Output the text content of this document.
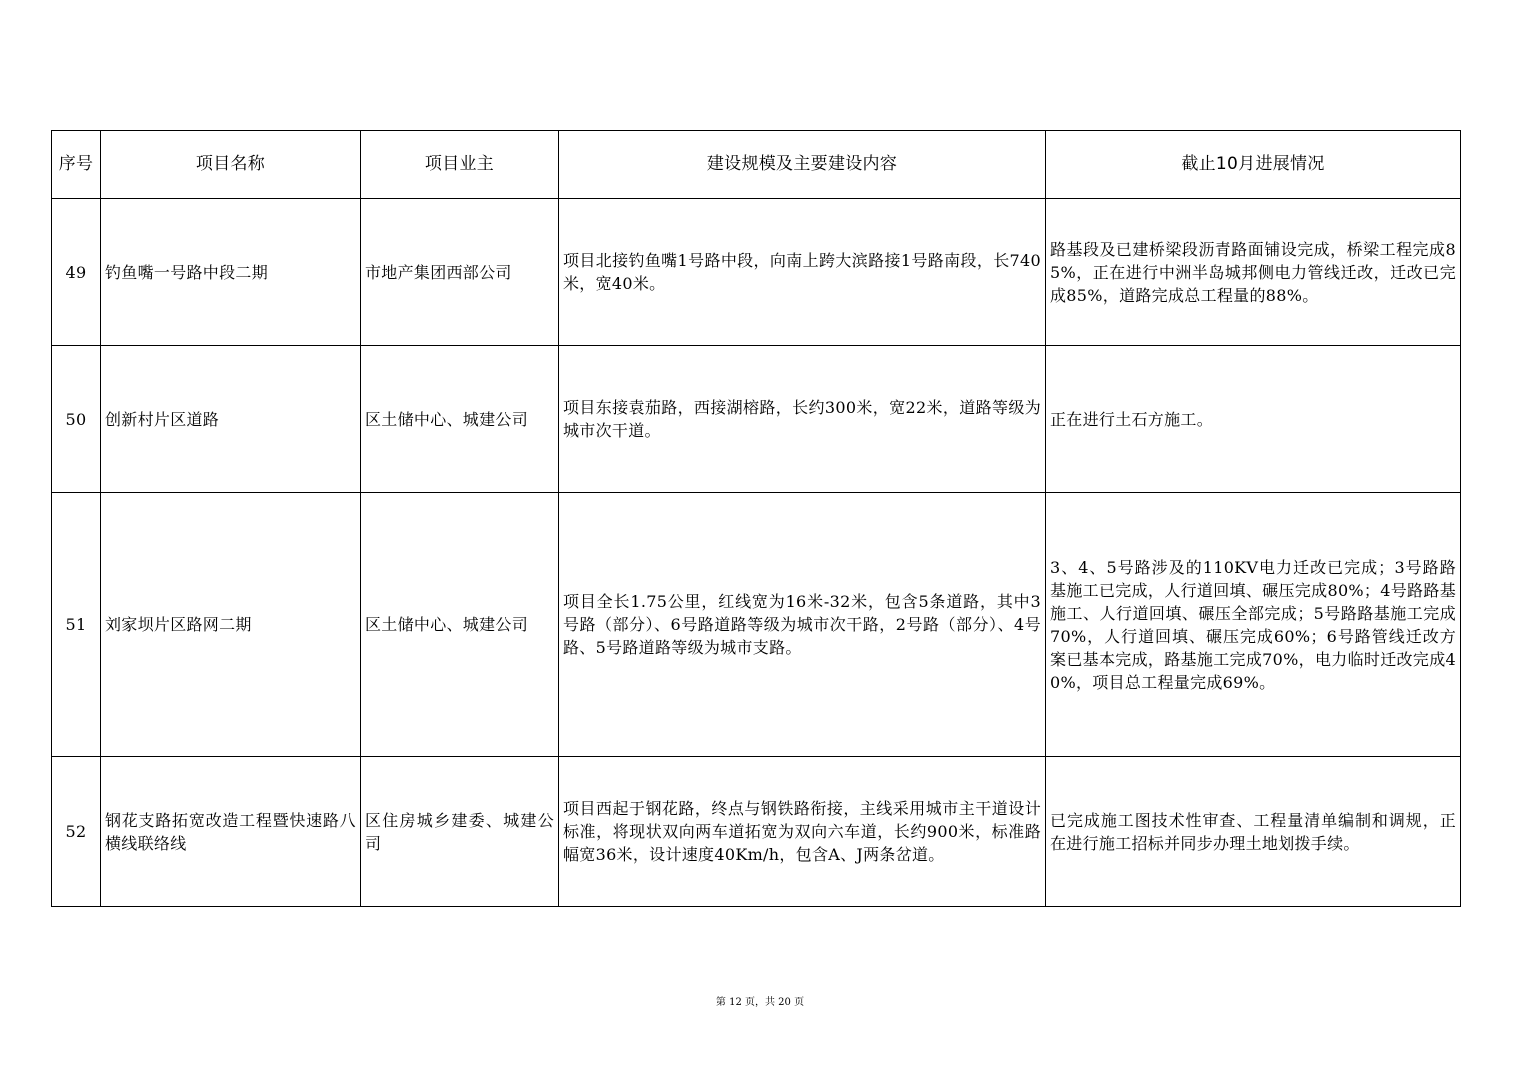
序号	项目名称	项目业主	建设规模及主要建设内容	截止10月进展情况
49	钓鱼嘴一号路中段二期	市地产集团西部公司	项目北接钓鱼嘴1号路中段，向南上跨大滨路接1号路南段，长740米，宽40米。	路基段及已建桥梁段沥青路面铺设完成，桥梁工程完成85%，正在进行中洲半岛城邦侧电力管线迁改，迁改已完成85%，道路完成总工程量的88%。
50	创新村片区道路	区土储中心、城建公司	项目东接袁茄路，西接湖榕路，长约300米，宽22米，道路等级为城市次干道。	正在进行土石方施工。
51	刘家坝片区路网二期	区土储中心、城建公司	项目全长1.75公里，红线宽为16米-32米，包含5条道路，其中3号路（部分）、6号路道路等级为城市次干路，2号路（部分）、4号路、5号路道路等级为城市支路。	3、4、5号路涉及的110KV电力迁改已完成；3号路路基施工已完成，人行道回填、碾压完成80%；4号路路基施工、人行道回填、碾压全部完成；5号路路基施工完成70%，人行道回填、碾压完成60%；6号路管线迁改方案已基本完成，路基施工完成70%，电力临时迁改完成40%，项目总工程量完成69%。
52	钢花支路拓宽改造工程暨快速路八横线联络线	区住房城乡建委、城建公司	项目西起于钢花路，终点与钢铁路衔接，主线采用城市主干道设计标准，将现状双向两车道拓宽为双向六车道，长约900米，标准路幅宽36米，设计速度40Km/h，包含A、J两条岔道。	已完成施工图技术性审查、工程量清单编制和调规，正在进行施工招标并同步办理土地划拨手续。
第 12 页，共 20 页
